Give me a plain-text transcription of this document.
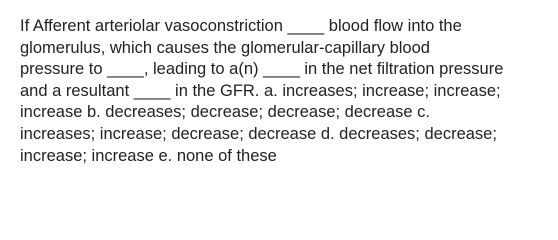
If Afferent arteriolar vasoconstriction ____ blood flow into the
glomerulus, which causes the glomerular-capillary blood
pressure to ____, leading to a(n) ____ in the net filtration pressure
and a resultant ____ in the GFR. a. increases; increase; increase;
increase b. decreases; decrease; decrease; decrease c.
increases; increase; decrease; decrease d. decreases; decrease;
increase; increase e. none of these
